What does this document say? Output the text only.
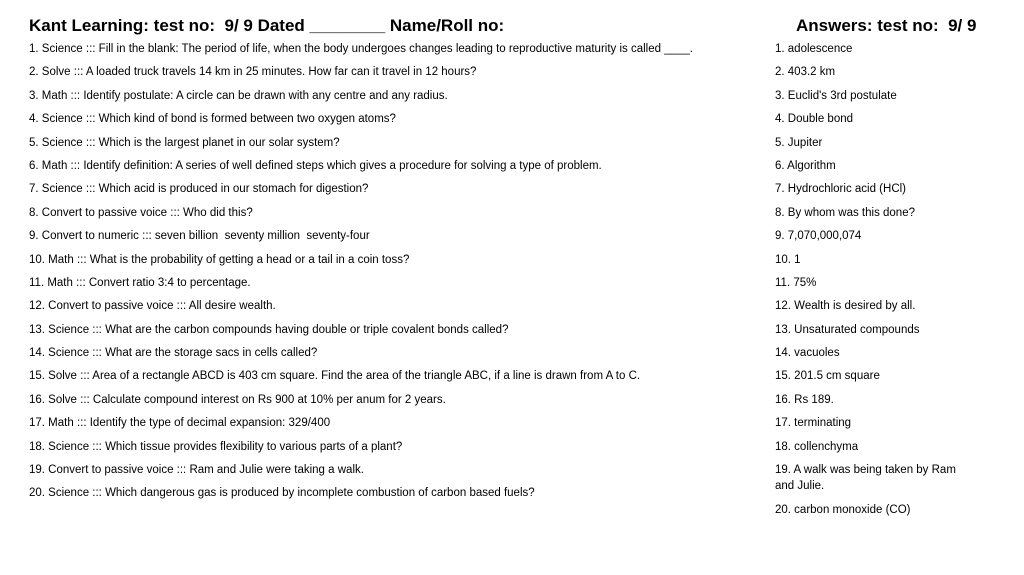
Kant Learning: test no:  9/ 9 Dated ________ Name/Roll no:	Answers: test no:  9/ 9
1. Science ::: Fill in the blank: The period of life, when the body undergoes changes leading to reproductive maturity is called ____.
2. Solve ::: A loaded truck travels 14 km in 25 minutes. How far can it travel in 12 hours?
3. Math ::: Identify postulate: A circle can be drawn with any centre and any radius.
4. Science ::: Which kind of bond is formed between two oxygen atoms?
5. Science ::: Which is the largest planet in our solar system?
6. Math ::: Identify definition: A series of well defined steps which gives a procedure for solving a type of problem.
7. Science ::: Which acid is produced in our stomach for digestion?
8. Convert to passive voice ::: Who did this?
9. Convert to numeric ::: seven billion  seventy million  seventy-four
10. Math ::: What is the probability of getting a head or a tail in a coin toss?
11. Math ::: Convert ratio 3:4 to percentage.
12. Convert to passive voice ::: All desire wealth.
13. Science ::: What are the carbon compounds having double or triple covalent bonds called?
14. Science ::: What are the storage sacs in cells called?
15. Solve ::: Area of a rectangle ABCD is 403 cm square. Find the area of the triangle ABC, if a line is drawn from A to C.
16. Solve ::: Calculate compound interest on Rs 900 at 10% per anum for 2 years.
17. Math ::: Identify the type of decimal expansion: 329/400
18. Science ::: Which tissue provides flexibility to various parts of a plant?
19. Convert to passive voice ::: Ram and Julie were taking a walk.
20. Science ::: Which dangerous gas is produced by incomplete combustion of carbon based fuels?
1. adolescence
2. 403.2 km
3. Euclid's 3rd postulate
4. Double bond
5. Jupiter
6. Algorithm
7. Hydrochloric acid (HCl)
8. By whom was this done?
9. 7,070,000,074
10. 1
11. 75%
12. Wealth is desired by all.
13. Unsaturated compounds
14. vacuoles
15. 201.5 cm square
16. Rs 189.
17. terminating
18. collenchyma
19. A walk was being taken by Ram and Julie.
20. carbon monoxide (CO)
